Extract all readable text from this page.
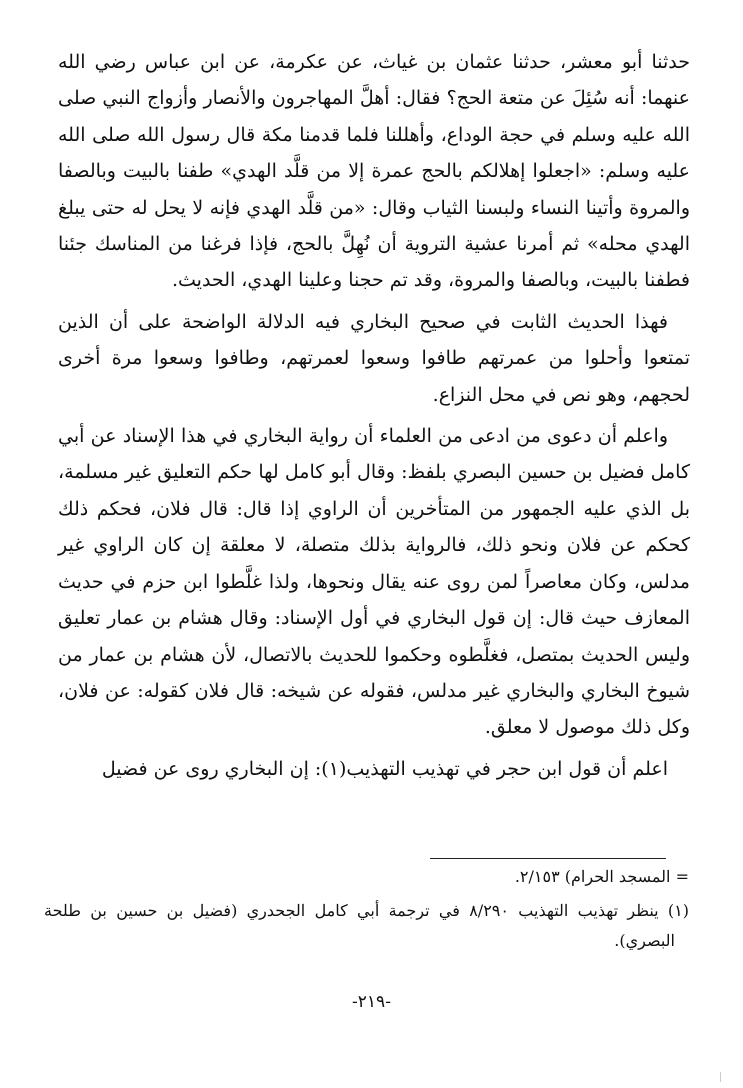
حدثنا أبو معشر، حدثنا عثمان بن غياث، عن عكرمة، عن ابن عباس رضي الله عنهما: أنه سُئِلَ عن متعة الحج؟ فقال: أهلَّ المهاجرون والأنصار وأزواج النبي صلى الله عليه وسلم في حجة الوداع، وأهللنا فلما قدمنا مكة قال رسول الله صلى الله عليه وسلم: «اجعلوا إهلالكم بالحج عمرة إلا من قلَّد الهدي» طفنا بالبيت وبالصفا والمروة وأتينا النساء ولبسنا الثياب وقال: «من قلَّد الهدي فإنه لا يحل له حتى يبلغ الهدي محله» ثم أمرنا عشية التروية أن نُهِلَّ بالحج، فإذا فرغنا من المناسك جئنا فطفنا بالبيت، وبالصفا والمروة، وقد تم حجنا وعلينا الهدي، الحديث.

فهذا الحديث الثابت في صحيح البخاري فيه الدلالة الواضحة على أن الذين تمتعوا وأحلوا من عمرتهم طافوا وسعوا لعمرتهم، وطافوا وسعوا مرة أخرى لحجهم، وهو نص في محل النزاع.

واعلم أن دعوى من ادعى من العلماء أن رواية البخاري في هذا الإسناد عن أبي كامل فضيل بن حسين البصري بلفظ: وقال أبو كامل لها حكم التعليق غير مسلمة، بل الذي عليه الجمهور من المتأخرين أن الراوي إذا قال: قال فلان، فحكم ذلك كحكم عن فلان ونحو ذلك، فالرواية بذلك متصلة، لا معلقة إن كان الراوي غير مدلس، وكان معاصراً لمن روى عنه يقال ونحوها، ولذا غلَّطوا ابن حزم في حديث المعازف حيث قال: إن قول البخاري في أول الإسناد: وقال هشام بن عمار تعليق وليس الحديث بمتصل، فغلَّطوه وحكموا للحديث بالاتصال، لأن هشام بن عمار من شيوخ البخاري والبخاري غير مدلس، فقوله عن شيخه: قال فلان كقوله: عن فلان، وكل ذلك موصول لا معلق.

اعلم أن قول ابن حجر في تهذيب التهذيب(١): إن البخاري روى عن فضيل

= المسجد الحرام) ٢/١٥٣.

(١) ينظر تهذيب التهذيب ٨/٢٩٠ في ترجمة أبي كامل الجحدري (فضيل بن حسين بن طلحة البصري).

-٢١٩-
